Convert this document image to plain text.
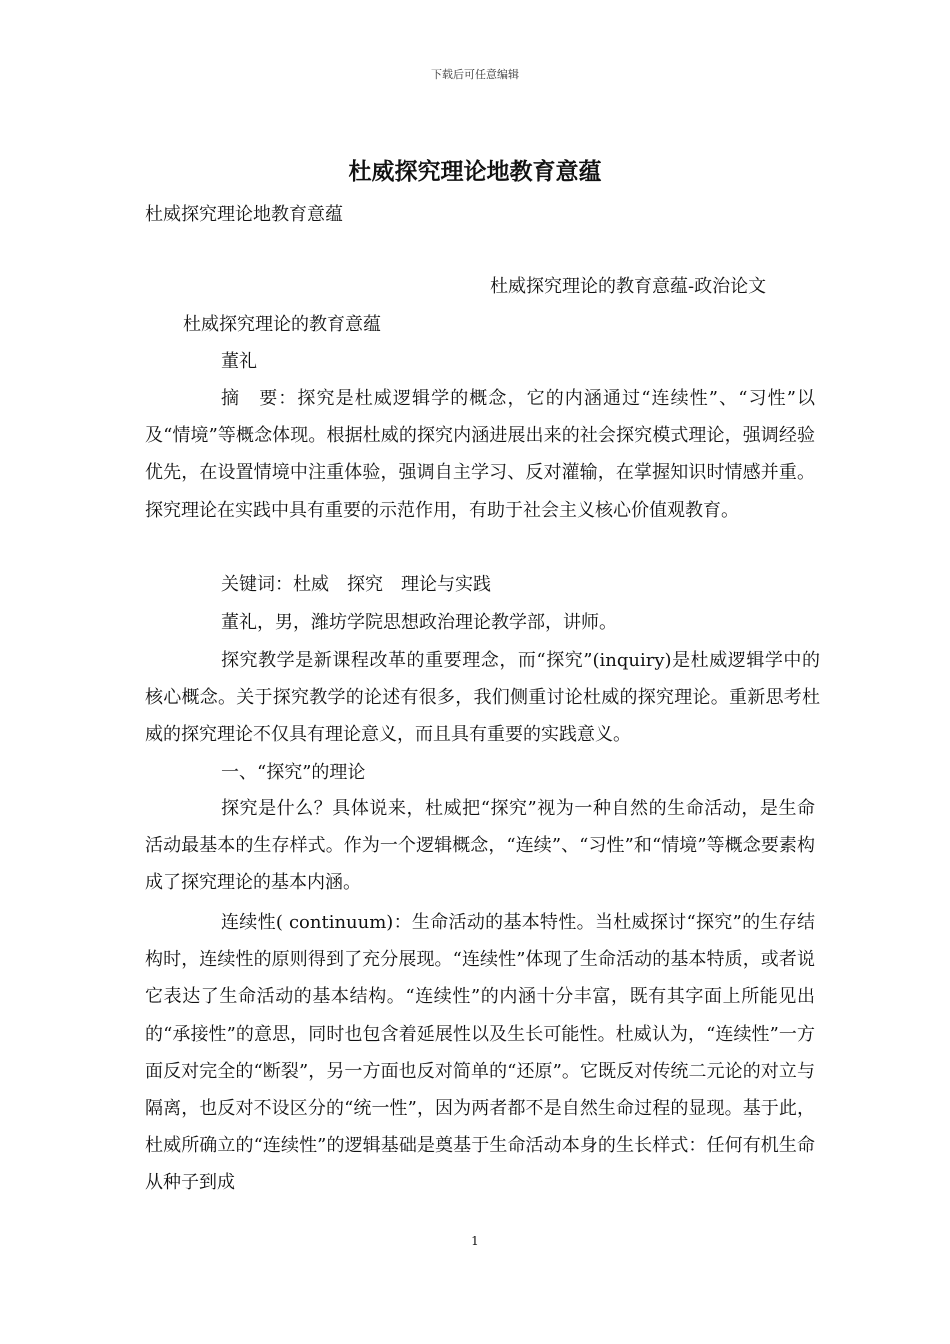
下载后可任意编辑
杜威探究理论地教育意蕴
杜威探究理论地教育意蕴
杜威探究理论的教育意蕴-政治论文
杜威探究理论的教育意蕴
董礼
摘　要：探究是杜威逻辑学的概念，它的内涵通过“连续性”、“习性”以及“情境”等概念体现。根据杜威的探究内涵进展出来的社会探究模式理论，强调经验优先，在设置情境中注重体验，强调自主学习、反对灌输，在掌握知识时情感并重。探究理论在实践中具有重要的示范作用，有助于社会主义核心价值观教育。
关键词：杜威　探究　理论与实践
董礼，男，潍坊学院思想政治理论教学部，讲师。
探究教学是新课程改革的重要理念，而“探究”(inquiry)是杜威逻辑学中的核心概念。关于探究教学的论述有很多，我们侧重讨论杜威的探究理论。重新思考杜威的探究理论不仅具有理论意义，而且具有重要的实践意义。
一、“探究”的理论
探究是什么？具体说来，杜威把“探究”视为一种自然的生命活动，是生命活动最基本的生存样式。作为一个逻辑概念，“连续”、“习性”和“情境”等概念要素构成了探究理论的基本内涵。
连续性( continuum)：生命活动的基本特性。当杜威探讨“探究”的生存结构时，连续性的原则得到了充分展现。“连续性”体现了生命活动的基本特质，或者说它表达了生命活动的基本结构。“连续性”的内涵十分丰富，既有其字面上所能见出的“承接性”的意思，同时也包含着延展性以及生长可能性。杜威认为，“连续性”一方面反对完全的“断裂”，另一方面也反对简单的“还原”。它既反对传统二元论的对立与隔离，也反对不设区分的“统一性”，因为两者都不是自然生命过程的显现。基于此，杜威所确立的“连续性”的逻辑基础是奠基于生命活动本身的生长样式：任何有机生命从种子到成
1
